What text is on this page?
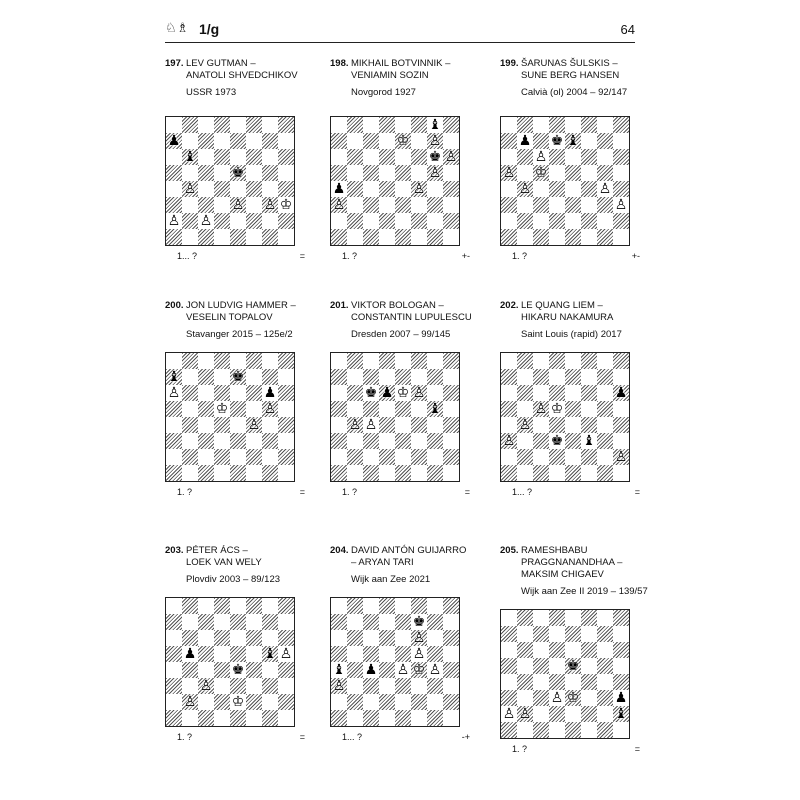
♘♗ 1/g	64
197. LEV GUTMAN –
ANATOLI SHVEDCHIKOV
USSR 1973
♟
♝
♚
♙ ♙ ♔
♙ ♙
♙
1... ?	=
198. MIKHAIL BOTVINNIK –
VENIAMIN SOZIN
Novgorod 1927
♝
♔ ♙
♚ ♙
♙
♟	♙
♙
1. ?	+-
199. ŠARUNAS ŠULSKIS –
SUNE BERG HANSEN
Calvià (ol) 2004 – 92/147
♟ ♚ ♝
♙
♙ ♔
♙	♙
♙
1. ?	+-
200. JON LUDVIG HAMMER –
VESELIN TOPALOV
Stavanger 2015 – 125e/2
♝	♚
♙	♟
♔	♙
♙
1. ?	=
201. VIKTOR BOLOGAN –
CONSTANTIN LUPULESCU
Dresden 2007 – 99/145
♚ ♟ ♔ ♙
♝
♙ ♙
1. ?	=
202. LE QUANG LIEM –
HIKARU NAKAMURA
Saint Louis (rapid) 2017
♟
♙ ♔
♙	♚ ♝
♙
♙
1... ?	=
203. PÉTER ÁCS –
LOEK VAN WELY
Plovdiv 2003 – 89/123
♟	♝ ♙
♚
♙
♙	♔
1. ?	=
204. DAVID ANTÓN GUIJARRO
– ARYAN TARI
Wijk aan Zee 2021
♚
♙
♙
♝ ♟	♔ ♙
♙
♙
1... ?	-+
205. RAMESHBABU
PRAGGNANANDHAA –
MAKSIM CHIGAEV
Wijk aan Zee II 2019 – 139/57
♚
♙ ♔	♟
♙ ♙	♝
1. ?	=
